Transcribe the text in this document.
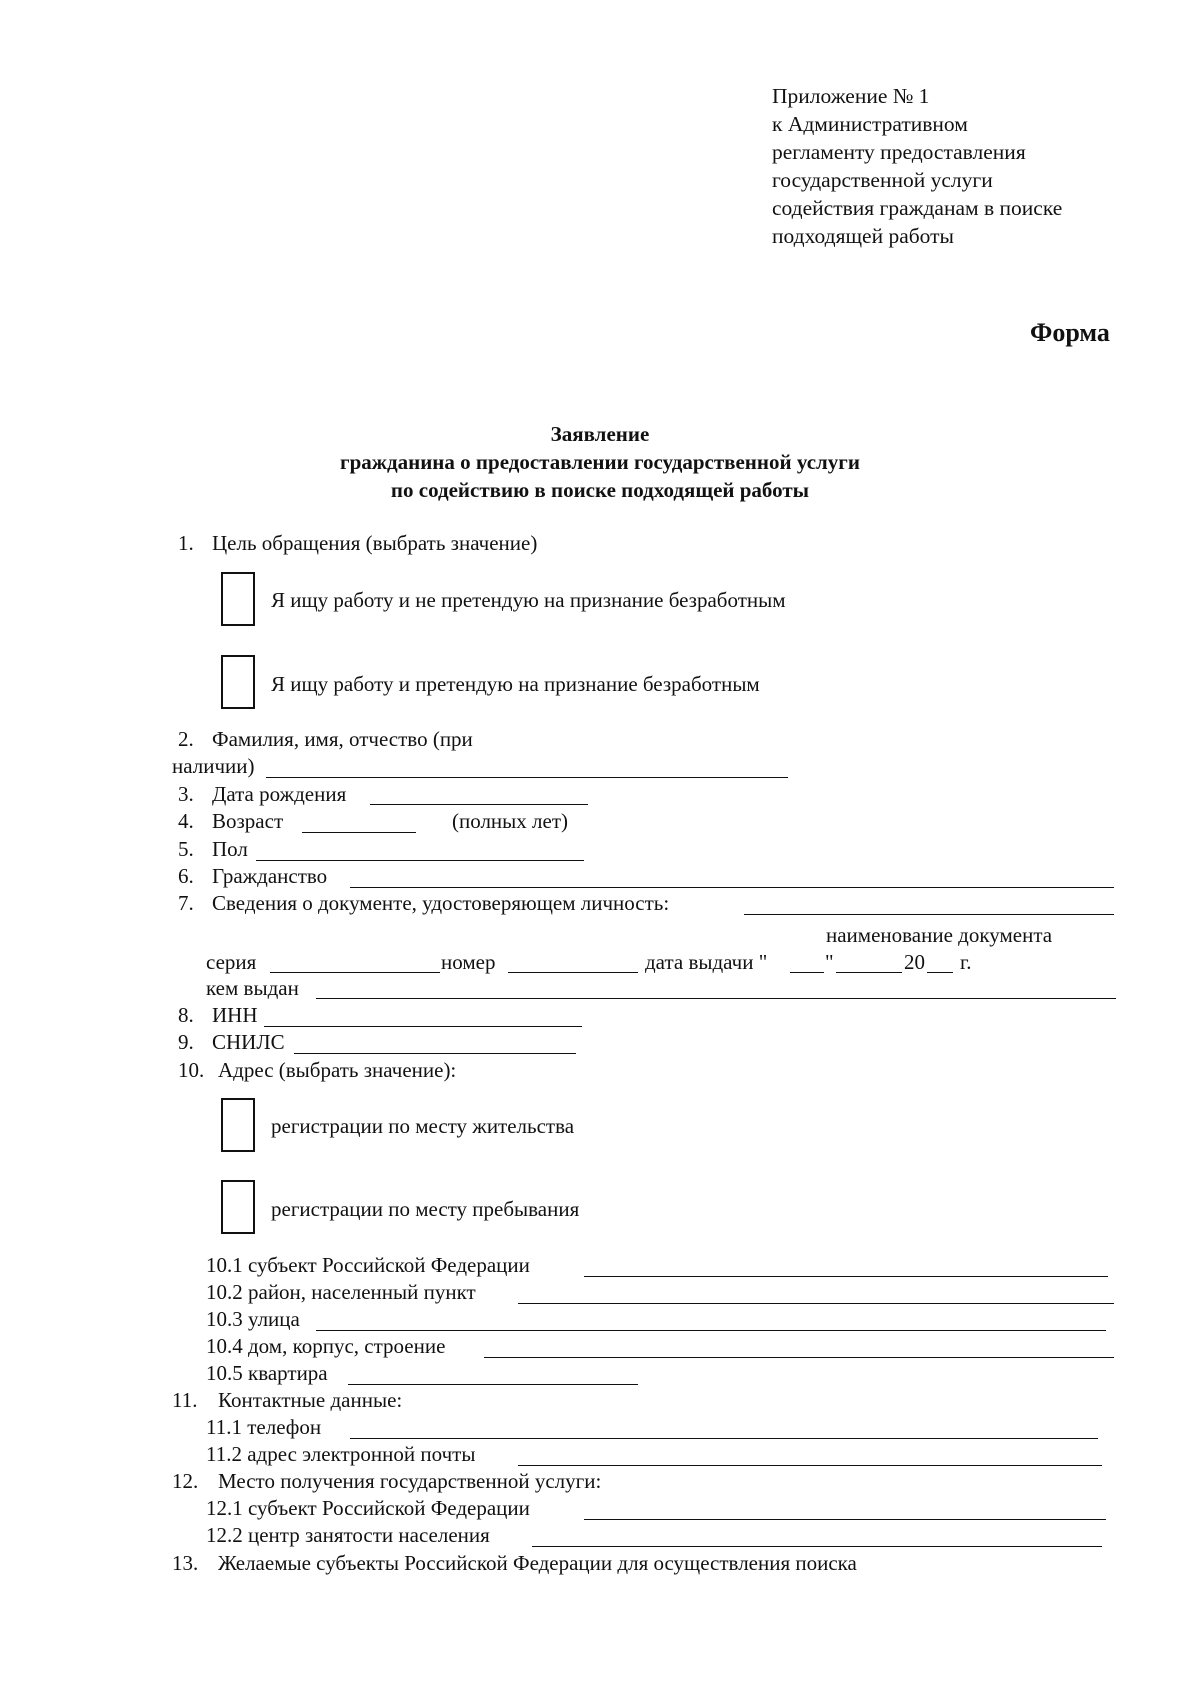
Приложение № 1
к Административном
регламенту предоставления
государственной услуги
содействия гражданам в поиске
подходящей работы
Форма
Заявление
гражданина о предоставлении государственной услуги
по содействию в поиске подходящей работы
1. Цель обращения (выбрать значение)
Я ищу работу и не претендую на признание безработным
Я ищу работу и претендую на признание безработным
2. Фамилия, имя, отчество (при
наличии)
3. Дата рождения
4. Возраст	(полных лет)
5. Пол
6. Гражданство
7. Сведения о документе, удостоверяющем личность:
наименование документа
серия	номер	дата выдачи "	"	20 г.
кем выдан
8. ИНН
9. СНИЛС
10. Адрес (выбрать значение):
регистрации по месту жительства
регистрации по месту пребывания
10.1 субъект Российской Федерации
10.2 район, населенный пункт
10.3 улица
10.4 дом, корпус, строение
10.5 квартира
11. Контактные данные:
11.1 телефон
11.2 адрес электронной почты
12. Место получения государственной услуги:
12.1 субъект Российской Федерации
12.2 центр занятости населения
13. Желаемые субъекты Российской Федерации для осуществления поиска
